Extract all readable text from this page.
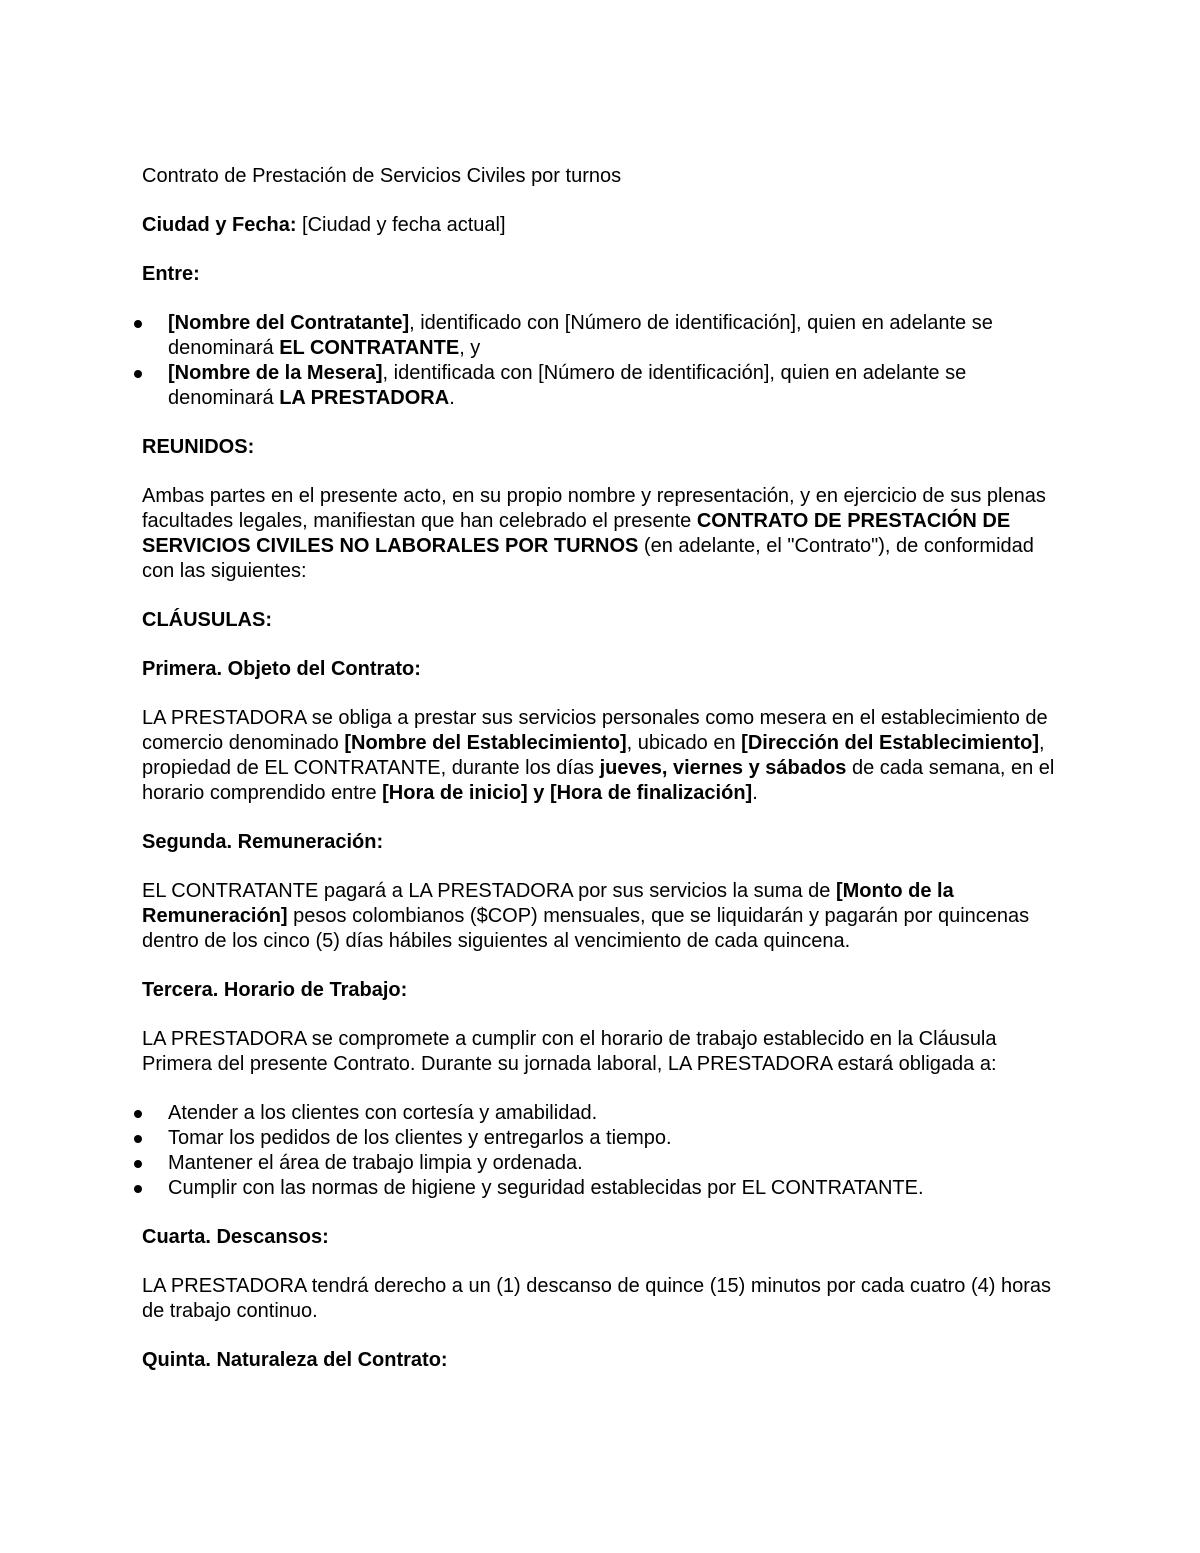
Contrato de Prestación de Servicios Civiles por turnos

Ciudad y Fecha: [Ciudad y fecha actual]

Entre:

[Nombre del Contratante], identificado con [Número de identificación], quien en adelante se denominará EL CONTRATANTE, y
[Nombre de la Mesera], identificada con [Número de identificación], quien en adelante se denominará LA PRESTADORA.

REUNIDOS:

Ambas partes en el presente acto, en su propio nombre y representación, y en ejercicio de sus plenas facultades legales, manifiestan que han celebrado el presente CONTRATO DE PRESTACIÓN DE SERVICIOS CIVILES NO LABORALES POR TURNOS (en adelante, el "Contrato"), de conformidad con las siguientes:

CLÁUSULAS:

Primera. Objeto del Contrato:

LA PRESTADORA se obliga a prestar sus servicios personales como mesera en el establecimiento de comercio denominado [Nombre del Establecimiento], ubicado en [Dirección del Establecimiento], propiedad de EL CONTRATANTE, durante los días jueves, viernes y sábados de cada semana, en el horario comprendido entre [Hora de inicio] y [Hora de finalización].

Segunda. Remuneración:

EL CONTRATANTE pagará a LA PRESTADORA por sus servicios la suma de [Monto de la Remuneración] pesos colombianos ($COP) mensuales, que se liquidarán y pagarán por quincenas dentro de los cinco (5) días hábiles siguientes al vencimiento de cada quincena.

Tercera. Horario de Trabajo:

LA PRESTADORA se compromete a cumplir con el horario de trabajo establecido en la Cláusula Primera del presente Contrato. Durante su jornada laboral, LA PRESTADORA estará obligada a:

Atender a los clientes con cortesía y amabilidad.
Tomar los pedidos de los clientes y entregarlos a tiempo.
Mantener el área de trabajo limpia y ordenada.
Cumplir con las normas de higiene y seguridad establecidas por EL CONTRATANTE.

Cuarta. Descansos:

LA PRESTADORA tendrá derecho a un (1) descanso de quince (15) minutos por cada cuatro (4) horas de trabajo continuo.

Quinta. Naturaleza del Contrato:
